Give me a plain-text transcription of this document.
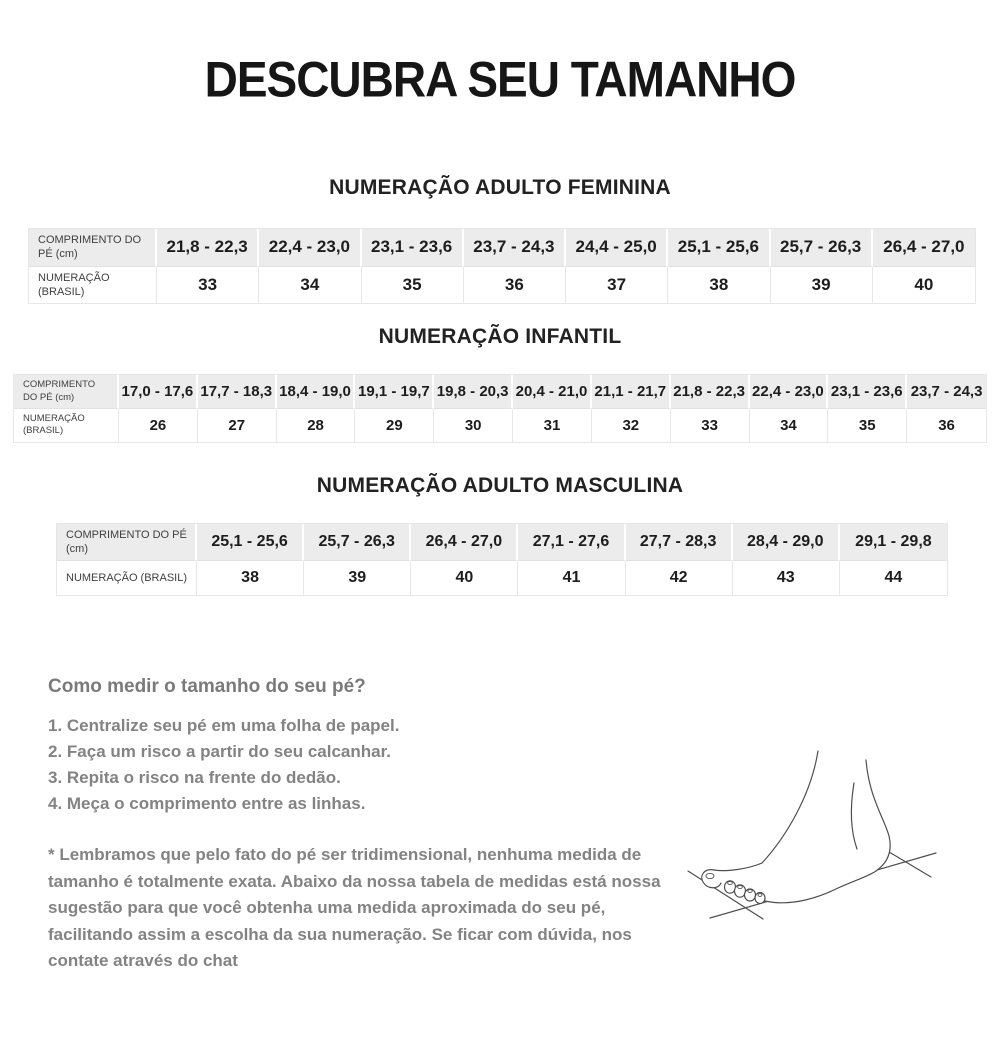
DESCUBRA SEU TAMANHO
NUMERAÇÃO ADULTO FEMININA
COMPRIMENTO DO PÉ (cm)	21,8 - 22,3	22,4 - 23,0	23,1 - 23,6	23,7 - 24,3	24,4 - 25,0	25,1 - 25,6	25,7 - 26,3	26,4 - 27,0
NUMERAÇÃO (BRASIL)	33	34	35	36	37	38	39	40
NUMERAÇÃO INFANTIL
COMPRIMENTO DO PÉ (cm)	17,0 - 17,6	17,7 - 18,3	18,4 - 19,0	19,1 - 19,7	19,8 - 20,3	20,4 - 21,0	21,1 - 21,7	21,8 - 22,3	22,4 - 23,0	23,1 - 23,6	23,7 - 24,3
NUMERAÇÃO (BRASIL)	26	27	28	29	30	31	32	33	34	35	36
NUMERAÇÃO ADULTO MASCULINA
COMPRIMENTO DO PÉ (cm)	25,1 - 25,6	25,7 - 26,3	26,4 - 27,0	27,1 - 27,6	27,7 - 28,3	28,4 - 29,0	29,1 - 29,8
NUMERAÇÃO (BRASIL)	38	39	40	41	42	43	44
Como medir o tamanho do seu pé?
1. Centralize seu pé em uma folha de papel.
2. Faça um risco a partir do seu calcanhar.
3. Repita o risco na frente do dedão.
4. Meça o comprimento entre as linhas.

* Lembramos que pelo fato do pé ser tridimensional, nenhuma medida de tamanho é totalmente exata. Abaixo da nossa tabela de medidas está nossa sugestão para que você obtenha uma medida aproximada do seu pé, facilitando assim a escolha da sua numeração. Se ficar com dúvida, nos contate através do chat
